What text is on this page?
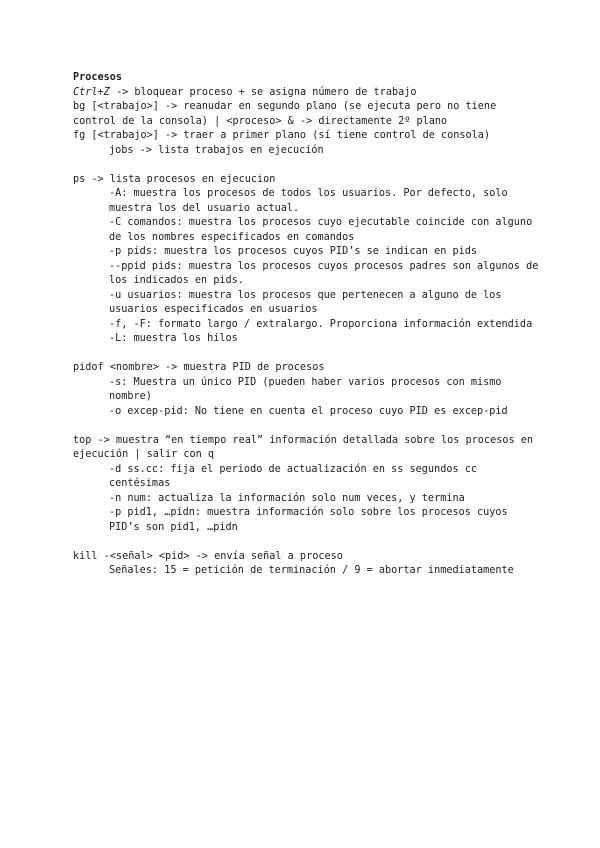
Procesos
Ctrl+Z -> bloquear proceso + se asigna número de trabajo
bg [<trabajo>] -> reanudar en segundo plano (se ejecuta pero no tiene control de la consola) | <proceso> & -> directamente 2º plano
fg [<trabajo>] -> traer a primer plano (sí tiene control de consola)
jobs -> lista trabajos en ejecución
ps -> lista procesos en ejecucion
-A: muestra los procesos de todos los usuarios. Por defecto, solo muestra los del usuario actual.
-C comandos: muestra los procesos cuyo ejecutable coincide con alguno de los nombres especificados en comandos
-p pids: muestra los procesos cuyos PID’s se indican en pids
--ppid pids: muestra los procesos cuyos procesos padres son algunos de los indicados en pids.
-u usuarios: muestra los procesos que pertenecen a alguno de los usuarios especificados en usuarios
-f, -F: formato largo / extralargo. Proporciona información extendida
-L: muestra los hilos
pidof <nombre> -> muestra PID de procesos
-s: Muestra un único PID (pueden haber varios procesos con mismo nombre)
-o excep-pid: No tiene en cuenta el proceso cuyo PID es excep-pid
top -> muestra “en tiempo real” información detallada sobre los procesos en ejecución | salir con q
-d ss.cc: fija el periodo de actualización en ss segundos cc centésimas
-n num: actualiza la información solo num veces, y termina
-p pid1, …pidn: muestra información solo sobre los procesos cuyos PID’s son pid1, …pidn
kill -<señal> <pid> -> envía señal a proceso
Señales: 15 = petición de terminación / 9 = abortar inmediatamente
